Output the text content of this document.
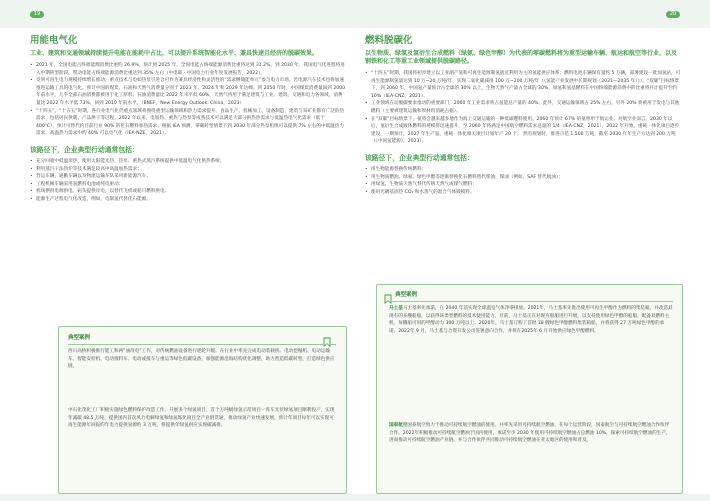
19	20
用能电气化
工业、建筑和交通领域持续提升电能在能耗中占比，可以提升系统智能化水平、兼具快速且经济的脱碳效果。
• 2021 年，全国电能占终端能源消费比重约 26.9%，预计到 2025 年，全国电能占终端能源消费比重将达到 31.2%，到 2030 年，我国电气化进程将进入中期转型阶段，带动电能占终端能源消费比重达到 35% 左右（中电联 · 中国电力行业年度发展报告，2022）。
• 受到可再生电力规模持续增长推动，重点技术与电如热泵引进合可作为兼具经济性和灵活性的“需求侧储能单元”参与电力市场。若电源汽车技术也将加速推进运输工具的电气化。预计中国的煤炭、石油和天然气消费量分别于 2023 年、2024 年和 2029 年达峰。到 2050 年时，中国煤炭消费量回到 2000 年前水平，几乎全部石油消费都被用于化工原料；石油消费量比 2022 年水平低 60%，天然气将用于满足建筑与工业、建筑、交通和电力各领域，消费量比 2022 年水平低 73%，回到 2010 年前水平。（BNEF，New Energy Outlook: China，2023）
• “十四五”、“十五五”时期，各行业电气化仍重点领域将围绕重型运输领域和热力需求提升。食品生产、机械加工、设备制造、建筑与采矿业都有广泛的热需求，包括居民供暖、产品烘干等过程。2022 年以来，电加热、重热与热泵等成熟技术可以满足大部分供热热需求与低温热电气化需求（低于 400℃），预计可替代约目前行业 90% 的化石燃料加热需求。根据 IEA 预测，零碳转型情景下到 2030 年部分热泵机组可以提供 7% 左右的中低温热力需求，高温热力需求中约 40% 可以电气化（IEA-NZE，2021）。
该路径下，企业典型行动通常包括：
• 充分回收中低温余热，使用太阳能光热、热泵、重热式蒸汽系统提供中低温电气化供热系统；
• 利用蒸汽干法热炉等技术满足较高中高温加热需求；
• 营运车辆、通勤车辆以及物流运输车队采用新能源汽车；
• 工程机械车辆采用氢燃料电池或纯电驱动；
• 机场摆供电源供电、码头提供岸电，以替代飞机或船只燃料供电；
• 能源生产过程电气化改造，例如，电制氢代替化石能源。
典型案例
西川高桥积极推行能工和两“油改电”工作，对传统燃油设备进行逐轮升级。在行业中率先完成电动装载机、电动挖掘机、电动运输车、智能安检机、电动推料车、电动或接车与重运等绿色低碳设备，加强能源沿海结构优化调整，助力智造低碳转型，打造绿色供应链。
中石化茂化工厂积极实施绿色燃料保护改造工作，开展多个绿氢项目，首个万吨级绿氢示范项目一库车光伏绿氢项目顺利投产，实现年减碳 48.5 万吨。提供国内首次风力电解绿氢和绿氢炼化项目全产业链贯通，推动绿氢产业快速发展，预计年项目每年可以实现可再生能源年回报约年电力提供氢源约 3 万吨，将提供年绿氢供应实现碳减排。
燃料脱碳化
以生物质、绿氢及氢衍生合成燃料（绿氨、绿色甲醇）为代表的零碳燃料将为重型运输车辆、航运和航空等行业，以及钢铁和化工等重工业领域提供脱碳路径。
• “十四五”时期，我国将初步建立以工业副产氢和可再生能源制氢就近利用为主的氢能供应体系；燃料电池车辆保有量约 5 万辆，部署建设一批加氢站，可再生能源制氢量达到 10 万~20 万吨/年，实现二氧化碳减排 100 万~200 万吨/年（《氢能产业发展中长期规划（2021—2035 年）》）。“双碳”目标情景下，到 2060 年，中国氢产量预计占全球的 30% 以上，生物天然气产量占全球的 30%，绿氢和氢基燃料在中国终端能源消费中的比重将共计提升至约 10%（IEA-CNZ，2021）。
• 工业领域在动脱碳要求推动的重要部门，2060 年工业需求将占氢能总产量的 40%。此外，交通运输领域占 25% 左右，另外 20% 将被用于发电与其他燃料（主要被建筑运输和原材料消耗占据）。
• 在“双碳”目标情景下，氨将会越来越多地作为海上交通运输的一种低碳燃料使用。2060 年预计 67% 的氨将用于航运业。对航空业而言，2030 年以后，氢衍生合成液体燃料的规模将迅速提升，至 2060 年将满足中国航空燃料需求总量的 1/4（IEA-CNZ，2021）。2022 年开始，重载一体化项目逐步建设，一期预计，2027 年生产氢、重载一体化相关项目计划年产 20 个。 然有规划时，推进示范 1,500 万吨，截至 2030 年年生产方达到 200 万吨（《中国氢能源》，2023）。
该路径下，企业典型行动通常包括：
• 用生物能源替换传统燃料；
• 用生物质燃油、绿氨、绿色甲醇等逐渐替换化石燃料替代柴油、煤油（例如，SAF 替代航油）；
• 用绿氢、生物质天然气替代传统天然气或煤气燃料；
• 使用光耦基固热 CO₂ 和水蒸气的混合气体锻模料。
典型案例
马士基马士基率先承诺，在 2040 年前实现全球温室气体净零排放。2021年，马士基率先推出使用可再生甲醇作为燃料的集装箱，并改造其现有的多艘船舶，以获得该类型燃料的技术使用能力。目前，马士基正在对现有船舶进行升级，以支持使用绿色甲醇的船舶，配备双燃料主机，每艘船可用的甲醇动力 300 万吨以上。2020年，马士基订购了首批 18 艘绿色甲醇燃料集装箱船，并将获得 27 万吨绿色甲醇的承诺。2022年 9 月，马士基与合资开发公司签署意向合作，并将在2025年 6 月开始供应绿色甲醇燃料。
国泰航空国泰航空致力于推动可持续航空燃油的使用，并率先采用可持续航空燃油，在每个运营阶段，国泰航空与可持续航空燃油合作伙伴合作，2022年积极推动可持续航空燃油于国内使用，承诺至少 2030 年使用可持续航空燃油占总燃油 10%，探索可持续航空燃油的生产，进而推动可持续航空燃油产业链。并与合作伙伴共同推动可持续航空燃油在亚太地区的使用和普及。
